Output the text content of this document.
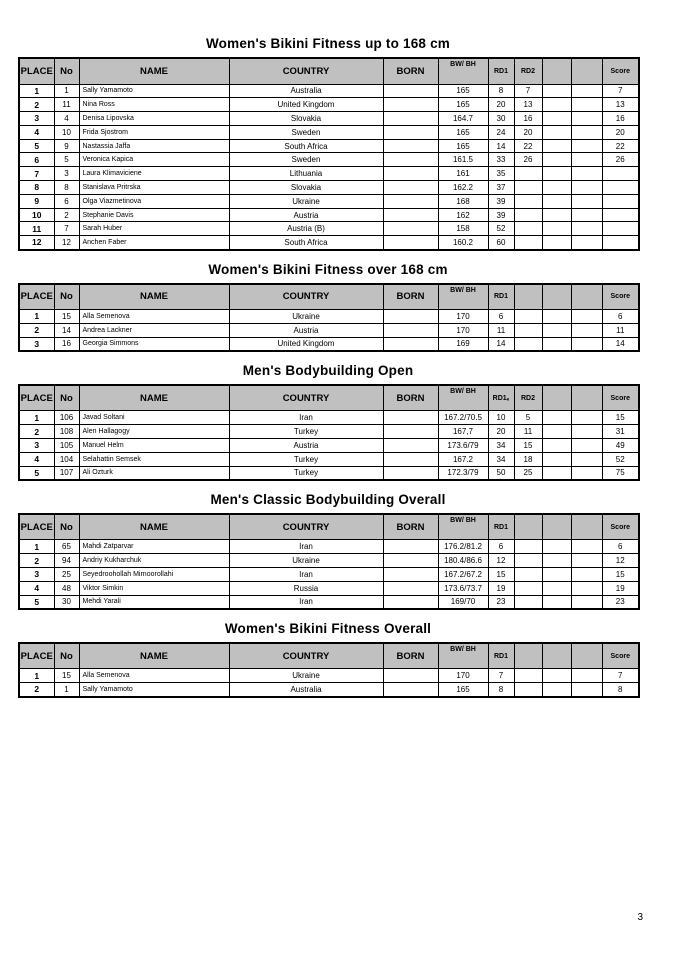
Women's Bikini Fitness up to 168 cm
PLACE	No	NAME	COUNTRY	BORN	BW/ BH	RD1	RD2			Score
1	1	Sally Yamamoto	Australia		165	8	7			7
2	11	Nina Ross	United Kingdom		165	20	13			13
3	4	Denisa Lipovska	Slovakia		164.7	30	16			16
4	10	Frida Sjostrom	Sweden		165	24	20			20
5	9	Nastassia Jaffa	South Africa		165	14	22			22
6	5	Veronica Kapica	Sweden		161.5	33	26			26
7	3	Laura Klimaviciene	Lithuania		161	35				
8	8	Stanislava Pritrska	Slovakia		162.2	37				
9	6	Olga Viazmetinova	Ukraine		168	39				
10	2	Stephanie Davis	Austria		162	39				
11	7	Sarah Huber	Austria (B)		158	52				
12	12	Anchen Faber	South Africa		160.2	60				
Women's Bikini Fitness over 168 cm
PLACE	No	NAME	COUNTRY	BORN	BW/ BH	RD1				Score
1	15	Alla Semenova	Ukraine		170	6				6
2	14	Andrea Lackner	Austria		170	11				11
3	16	Georgia Simmons	United Kingdom		169	14				14
Men's Bodybuilding Open
PLACE	No	NAME	COUNTRY	BORN	BW/ BH	RD1ₑ	RD2			Score
1	106	Javad Soltani	Iran		167.2/70.5	10	5			15
2	108	Alen Hallagogy	Turkey		167,7	20	11			31
3	105	Manuel Helm	Austria		173.6/79	34	15			49
4	104	Selahattin Semsek	Turkey		167.2	34	18			52
5	107	Ali Ozturk	Turkey		172.3/79	50	25			75
Men's Classic Bodybuilding Overall
PLACE	No	NAME	COUNTRY	BORN	BW/ BH	RD1				Score
1	65	Mahdi Zatparvar	Iran		176.2/81.2	6				6
2	94	Andriy Kukharchuk	Ukraine		180.4/86.6	12				12
3	25	Seyedroohollah Mirnoorollahi	Iran		167.2/67.2	15				15
4	48	Viktor Simkin	Russia		173.6/73.7	19				19
5	30	Mehdi Yarali	Iran		169/70	23				23
Women's Bikini Fitness Overall
PLACE	No	NAME	COUNTRY	BORN	BW/ BH	RD1				Score
1	15	Alla Semenova	Ukraine		170	7				7
2	1	Sally Yamamoto	Australia		165	8				8
3
